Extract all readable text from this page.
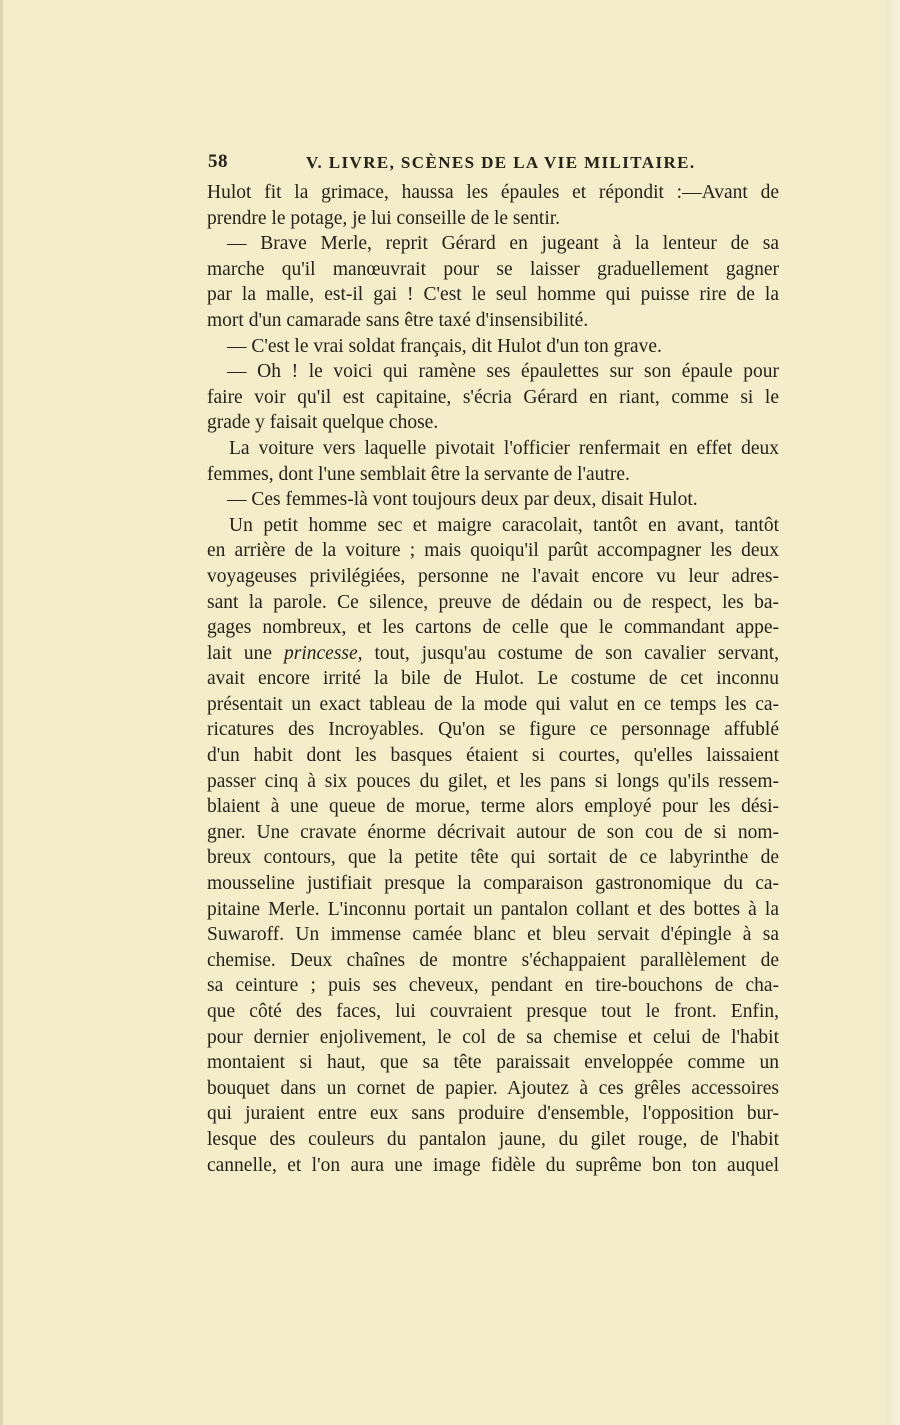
58	V. LIVRE, SCÈNES DE LA VIE MILITAIRE.
Hulot fit la grimace, haussa les épaules et répondit :—Avant de
prendre le potage, je lui conseille de le sentir.
— Brave Merle, reprit Gérard en jugeant à la lenteur de sa
marche qu'il manœuvrait pour se laisser graduellement gagner
par la malle, est-il gai ! C'est le seul homme qui puisse rire de la
mort d'un camarade sans être taxé d'insensibilité.
— C'est le vrai soldat français, dit Hulot d'un ton grave.
— Oh ! le voici qui ramène ses épaulettes sur son épaule pour
faire voir qu'il est capitaine, s'écria Gérard en riant, comme si le
grade y faisait quelque chose.
La voiture vers laquelle pivotait l'officier renfermait en effet deux
femmes, dont l'une semblait être la servante de l'autre.
— Ces femmes-là vont toujours deux par deux, disait Hulot.
Un petit homme sec et maigre caracolait, tantôt en avant, tantôt
en arrière de la voiture ; mais quoiqu'il parût accompagner les deux
voyageuses privilégiées, personne ne l'avait encore vu leur adres-
sant la parole. Ce silence, preuve de dédain ou de respect, les ba-
gages nombreux, et les cartons de celle que le commandant appe-
lait une princesse, tout, jusqu'au costume de son cavalier servant,
avait encore irrité la bile de Hulot. Le costume de cet inconnu
présentait un exact tableau de la mode qui valut en ce temps les ca-
ricatures des Incroyables. Qu'on se figure ce personnage affublé
d'un habit dont les basques étaient si courtes, qu'elles laissaient
passer cinq à six pouces du gilet, et les pans si longs qu'ils ressem-
blaient à une queue de morue, terme alors employé pour les dési-
gner. Une cravate énorme décrivait autour de son cou de si nom-
breux contours, que la petite tête qui sortait de ce labyrinthe de
mousseline justifiait presque la comparaison gastronomique du ca-
pitaine Merle. L'inconnu portait un pantalon collant et des bottes à la
Suwaroff. Un immense camée blanc et bleu servait d'épingle à sa
chemise. Deux chaînes de montre s'échappaient parallèlement de
sa ceinture ; puis ses cheveux, pendant en tire-bouchons de cha-
que côté des faces, lui couvraient presque tout le front. Enfin,
pour dernier enjolivement, le col de sa chemise et celui de l'habit
montaient si haut, que sa tête paraissait enveloppée comme un
bouquet dans un cornet de papier. Ajoutez à ces grêles accessoires
qui juraient entre eux sans produire d'ensemble, l'opposition bur-
lesque des couleurs du pantalon jaune, du gilet rouge, de l'habit
cannelle, et l'on aura une image fidèle du suprême bon ton auquel
